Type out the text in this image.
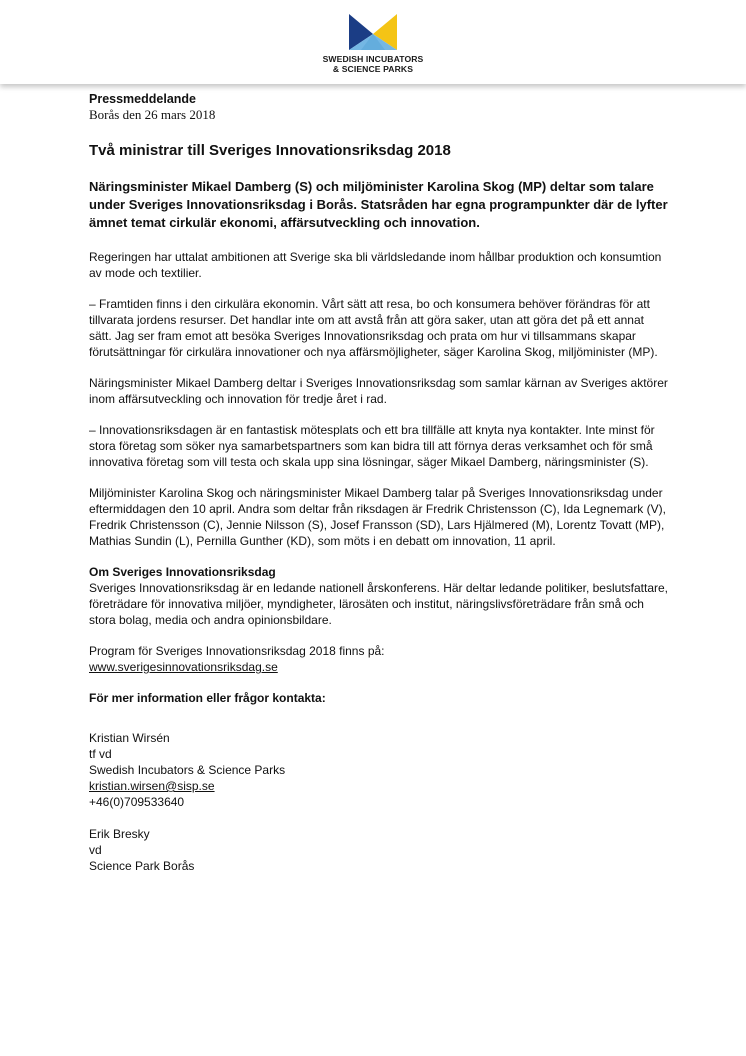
SWEDISH INCUBATORS
& SCIENCE PARKS
Pressmeddelande
Borås den 26 mars 2018
Två ministrar till Sveriges Innovationsriksdag 2018

Näringsminister Mikael Damberg (S) och miljöminister Karolina Skog (MP) deltar som talare under Sveriges Innovationsriksdag i Borås. Statsråden har egna programpunkter där de lyfter ämnet temat cirkulär ekonomi, affärsutveckling och innovation.

Regeringen har uttalat ambitionen att Sverige ska bli världsledande inom hållbar produktion och konsumtion av mode och textilier.

– Framtiden finns i den cirkulära ekonomin. Vårt sätt att resa, bo och konsumera behöver förändras för att tillvarata jordens resurser. Det handlar inte om att avstå från att göra saker, utan att göra det på ett annat sätt. Jag ser fram emot att besöka Sveriges Innovationsriksdag och prata om hur vi tillsammans skapar förutsättningar för cirkulära innovationer och nya affärsmöjligheter, säger Karolina Skog, miljöminister (MP).

Näringsminister Mikael Damberg deltar i Sveriges Innovationsriksdag som samlar kärnan av Sveriges aktörer inom affärsutveckling och innovation för tredje året i rad.

– Innovationsriksdagen är en fantastisk mötesplats och ett bra tillfälle att knyta nya kontakter. Inte minst för stora företag som söker nya samarbetspartners som kan bidra till att förnya deras verksamhet och för små innovativa företag som vill testa och skala upp sina lösningar, säger Mikael Damberg, näringsminister (S).

Miljöminister Karolina Skog och näringsminister Mikael Damberg talar på Sveriges Innovationsriksdag under eftermiddagen den 10 april. Andra som deltar från riksdagen är Fredrik Christensson (C), Ida Legnemark (V), Fredrik Christensson (C), Jennie Nilsson (S), Josef Fransson (SD), Lars Hjälmered (M), Lorentz Tovatt (MP), Mathias Sundin (L), Pernilla Gunther (KD), som möts i en debatt om innovation, 11 april.

Om Sveriges Innovationsriksdag

Sveriges Innovationsriksdag är en ledande nationell årskonferens. Här deltar ledande politiker, beslutsfattare, företrädare för innovativa miljöer, myndigheter, lärosäten och institut, näringslivsföreträdare från små och stora bolag, media och andra opinionsbildare.

Program för Sveriges Innovationsriksdag 2018 finns på:
www.sverigesinnovationsriksdag.se
För mer information eller frågor kontakta:
Kristian Wirsén
tf vd
Swedish Incubators & Science Parks
kristian.wirsen@sisp.se
+46(0)709533640
Erik Bresky
vd
Science Park Borås
